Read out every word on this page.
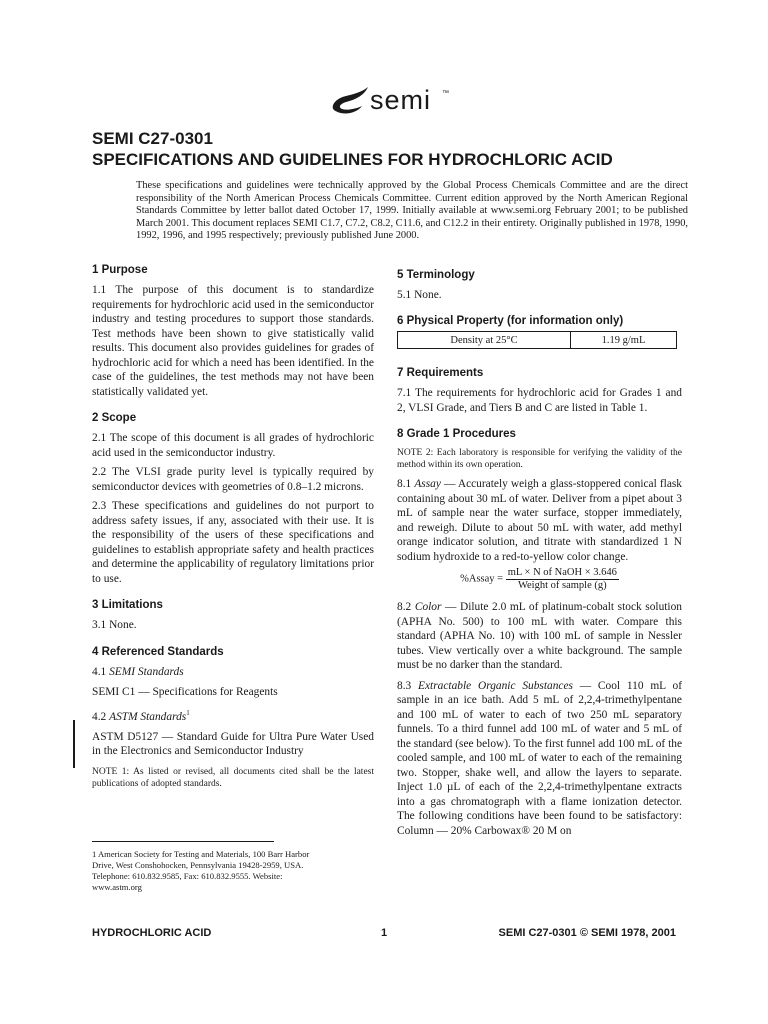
semi ™
SEMI C27-0301
SPECIFICATIONS AND GUIDELINES FOR HYDROCHLORIC ACID
These specifications and guidelines were technically approved by the Global Process Chemicals Committee and are the direct responsibility of the North American Process Chemicals Committee. Current edition approved by the North American Regional Standards Committee by letter ballot dated October 17, 1999. Initially available at www.semi.org February 2001; to be published March 2001. This document replaces SEMI C1.7, C7.2, C8.2, C11.6, and C12.2 in their entirety. Originally published in 1978, 1990, 1992, 1996, and 1995 respectively; previously published June 2000.
1 Purpose
1.1 The purpose of this document is to standardize requirements for hydrochloric acid used in the semiconductor industry and testing procedures to support those standards. Test methods have been shown to give statistically valid results. This document also provides guidelines for grades of hydrochloric acid for which a need has been identified. In the case of the guidelines, the test methods may not have been statistically validated yet.
2 Scope
2.1 The scope of this document is all grades of hydrochloric acid used in the semiconductor industry.
2.2 The VLSI grade purity level is typically required by semiconductor devices with geometries of 0.8–1.2 microns.
2.3 These specifications and guidelines do not purport to address safety issues, if any, associated with their use. It is the responsibility of the users of these specifications and guidelines to establish appropriate safety and health practices and determine the applicability of regulatory limitations prior to use.
3 Limitations
3.1 None.
4 Referenced Standards
4.1 SEMI Standards
SEMI C1 — Specifications for Reagents
4.2 ASTM Standards$^1$
ASTM D5127 — Standard Guide for Ultra Pure Water Used in the Electronics and Semiconductor Industry
NOTE 1: As listed or revised, all documents cited shall be the latest publications of adopted standards.
1 American Society for Testing and Materials, 100 Barr Harbor Drive, West Conshohocken, Pennsylvania 19428-2959, USA. Telephone: 610.832.9585, Fax: 610.832.9555. Website: www.astm.org
5 Terminology
5.1 None.
6 Physical Property (for information only)
Density at 25°C	1.19 g/mL
7 Requirements
7.1 The requirements for hydrochloric acid for Grades 1 and 2, VLSI Grade, and Tiers B and C are listed in Table 1.
8 Grade 1 Procedures
NOTE 2: Each laboratory is responsible for verifying the validity of the method within its own operation.
8.1 Assay — Accurately weigh a glass-stoppered conical flask containing about 30 mL of water. Deliver from a pipet about 3 mL of sample near the water surface, stopper immediately, and reweigh. Dilute to about 50 mL with water, add methyl orange indicator solution, and titrate with standardized 1 N sodium hydroxide to a red-to-yellow color change.
%Assay = $\frac{\text{mL × N of NaOH × 3.646}}{\text{Weight of sample (g)}}$
8.2 Color — Dilute 2.0 mL of platinum-cobalt stock solution (APHA No. 500) to 100 mL with water. Compare this standard (APHA No. 10) with 100 mL of sample in Nessler tubes. View vertically over a white background. The sample must be no darker than the standard.
8.3 Extractable Organic Substances — Cool 110 mL of sample in an ice bath. Add 5 mL of 2,2,4-trimethylpentane and 100 mL of water to each of two 250 mL separatory funnels. To a third funnel add 100 mL of water and 5 mL of the standard (see below). To the first funnel add 100 mL of the cooled sample, and 100 mL of water to each of the remaining two. Stopper, shake well, and allow the layers to separate. Inject 1.0 µL of each of the 2,2,4-trimethylpentane extracts into a gas chromatograph with a flame ionization detector. The following conditions have been found to be satisfactory: Column — 20% Carbowax® 20 M on
HYDROCHLORIC ACID	1	SEMI C27-0301 © SEMI 1978, 2001
